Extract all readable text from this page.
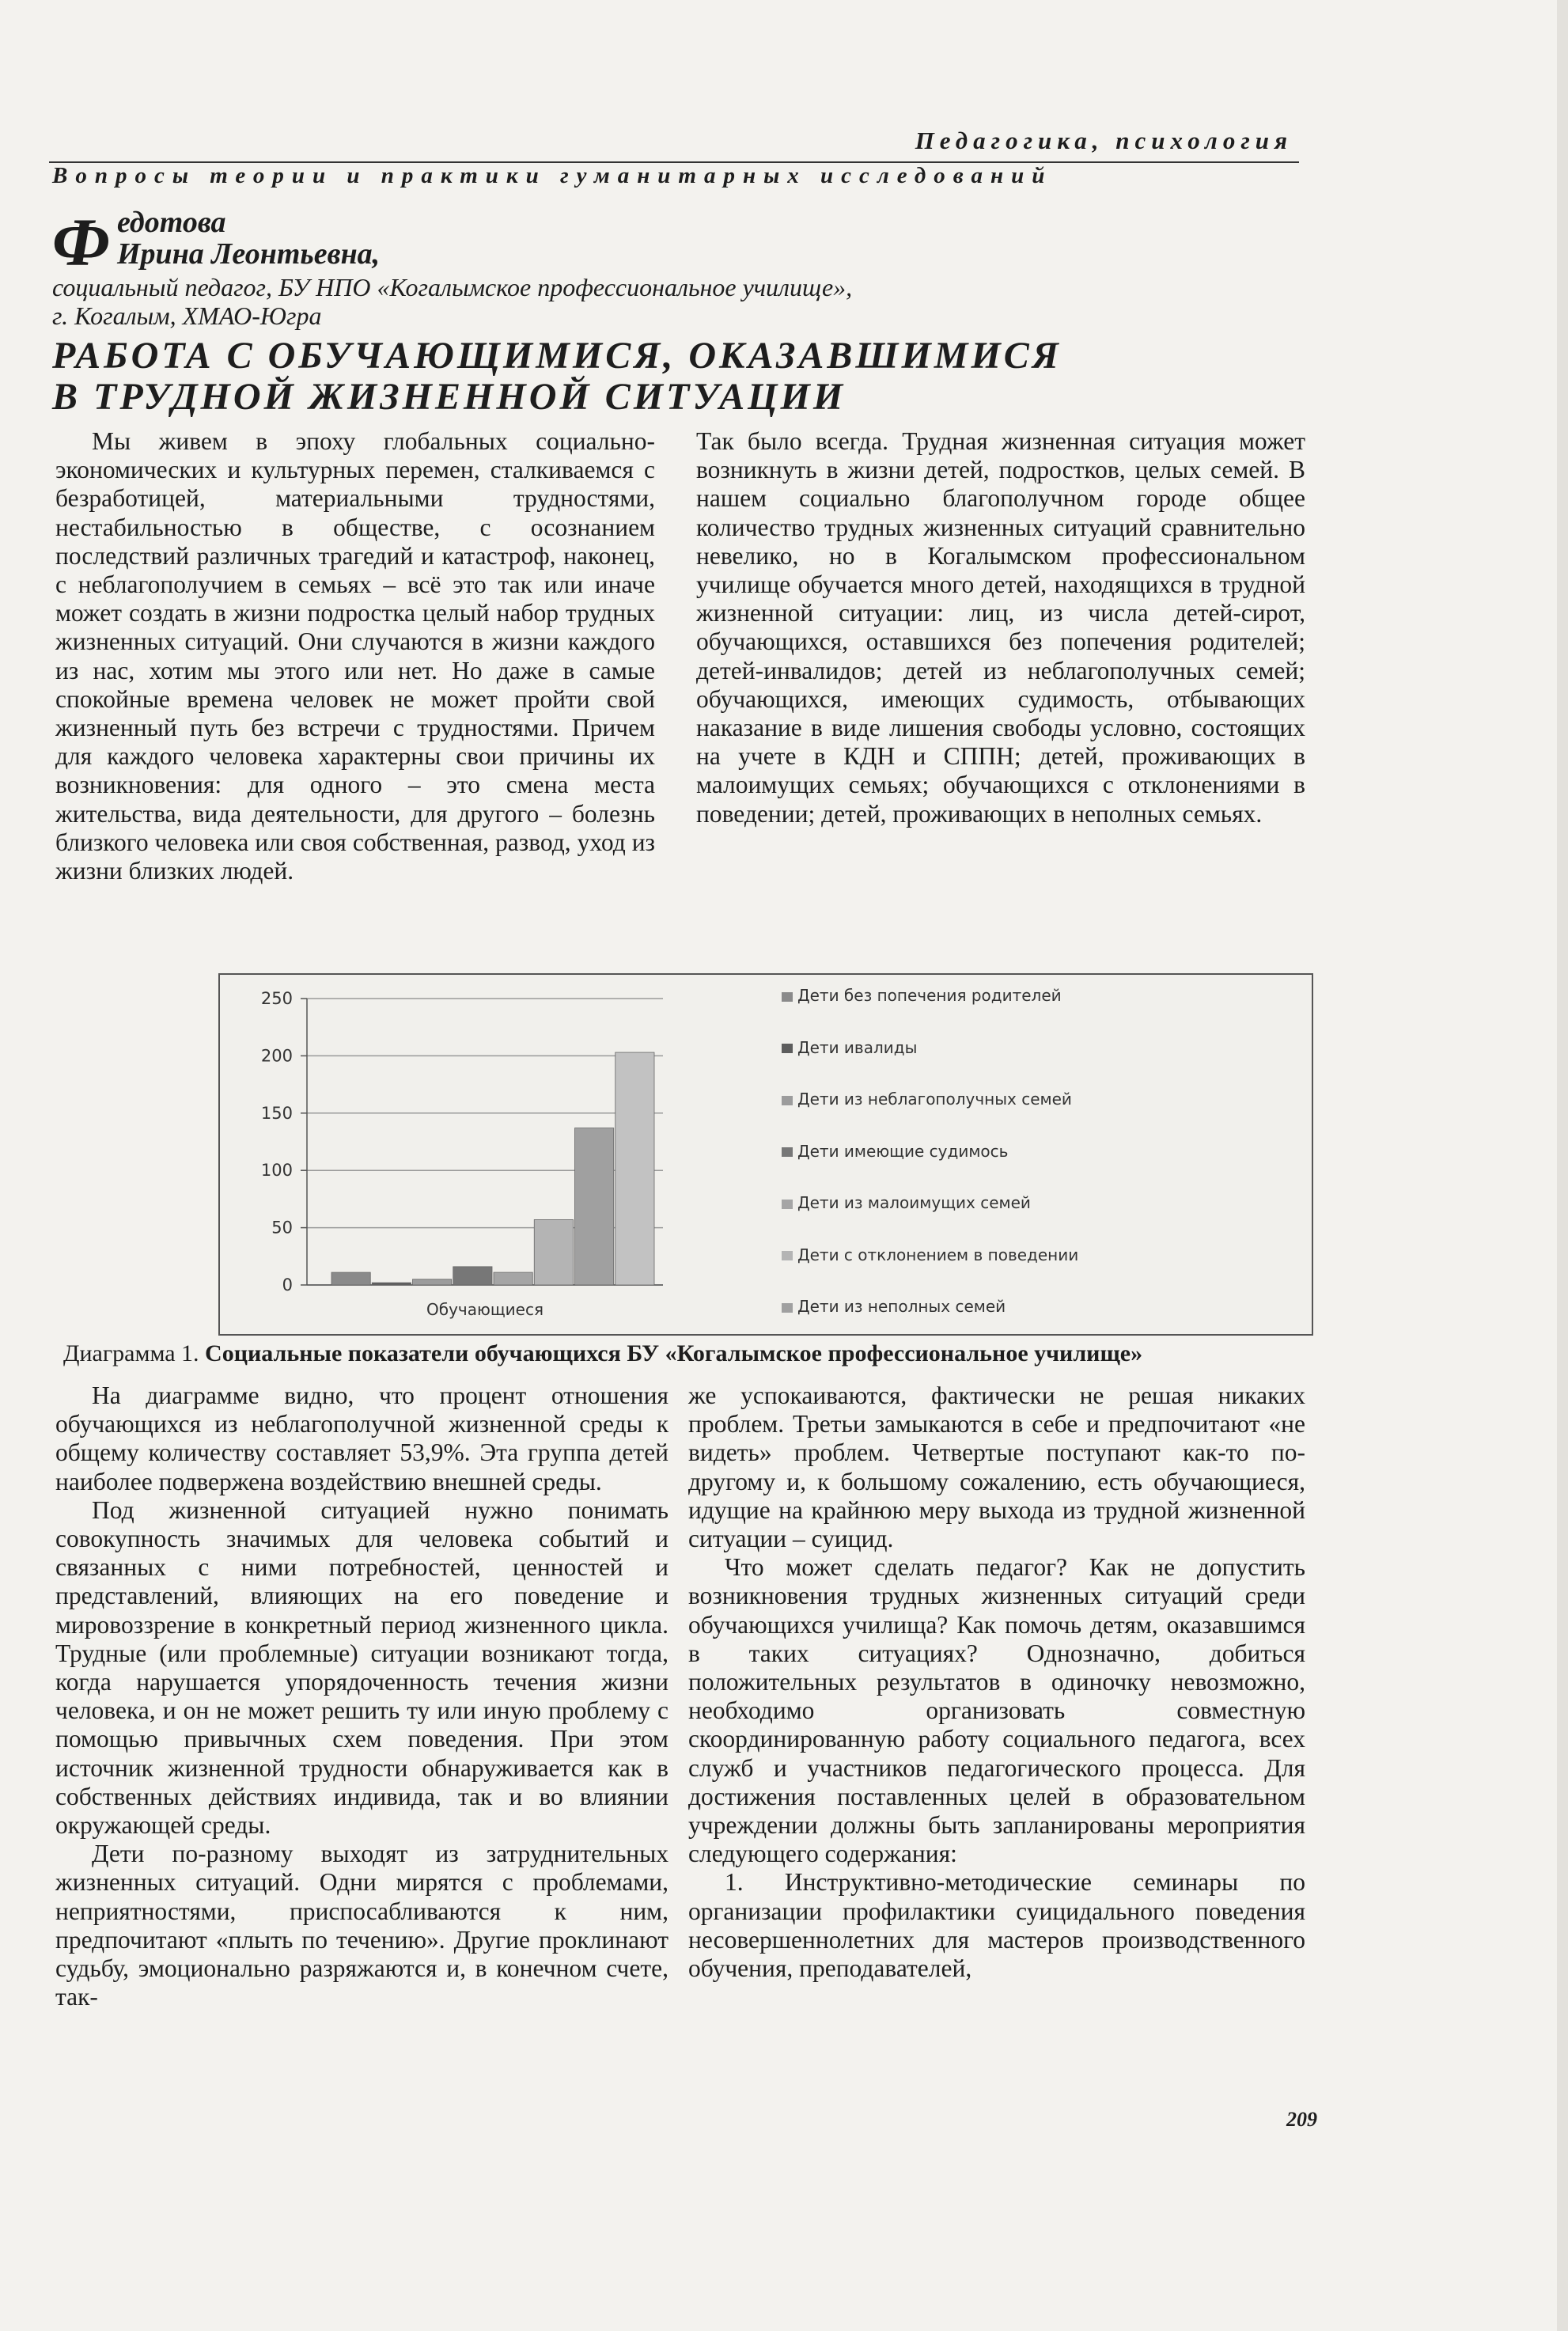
Педагогика, психология
Вопросы теории и практики гуманитарных исследований
Ф едотова
Ирина Леонтьевна,
социальный педагог, БУ НПО «Когалымское профессиональное училище»,
г. Когалым, ХМАО-Югра
РАБОТА С ОБУЧАЮЩИМИСЯ, ОКАЗАВШИМИСЯ
В ТРУДНОЙ ЖИЗНЕННОЙ СИТУАЦИИ

Мы живем в эпоху глобальных социально-экономических и культурных перемен, сталкиваемся с безработицей, материальными трудностями, нестабильностью в обществе, с осознанием последствий различных трагедий и катастроф, наконец, с неблагополучием в семьях – всё это так или иначе может создать в жизни подростка целый набор трудных жизненных ситуаций. Они случаются в жизни каждого из нас, хотим мы этого или нет. Но даже в самые спокойные времена человек не может пройти свой жизненный путь без встречи с трудностями. Причем для каждого человека характерны свои причины их возникновения: для одного – это смена места жительства, вида деятельности, для другого – болезнь близкого человека или своя собственная, развод, уход из жизни близких людей.

Так было всегда. Трудная жизненная ситуация может возникнуть в жизни детей, подростков, целых семей. В нашем социально благополучном городе общее количество трудных жизненных ситуаций сравнительно невелико, но в Когалымском профессиональном училище обучается много детей, находящихся в трудной жизненной ситуации: лиц, из числа детей-сирот, обучающихся, оставшихся без попечения родителей; детей-инвалидов; детей из неблагополучных семей; обучающихся, имеющих судимость, отбывающих наказание в виде лишения свободы условно, состоящих на учете в КДН и СППН; детей, проживающих в малоимущих семьях; обучающихся с отклонениями в поведении; детей, проживающих в неполных семьях.

0
50
100
150
200
250
Обучающиеся
Дети без попечения родителей
Дети ивалиды
Дети из неблагополучных семей
Дети имеющие судимось
Дети из малоимущих семей
Дети с отклонением в поведении
Дети из неполных семей
Диаграмма 1. Социальные показатели обучающихся БУ «Когалымское профессиональное училище»

На диаграмме видно, что процент отношения обучающихся из неблагополучной жизненной среды к общему количеству составляет 53,9%. Эта группа детей наиболее подвержена воздействию внешней среды.

Под жизненной ситуацией нужно понимать совокупность значимых для человека событий и связанных с ними потребностей, ценностей и представлений, влияющих на его поведение и мировоззрение в конкретный период жизненного цикла. Трудные (или проблемные) ситуации возникают тогда, когда нарушается упорядоченность течения жизни человека, и он не может решить ту или иную проблему с помощью привычных схем поведения. При этом источник жизненной трудности обнаруживается как в собственных действиях индивида, так и во влиянии окружающей среды.

Дети по-разному выходят из затруднительных жизненных ситуаций. Одни мирятся с проблемами, неприятностями, приспосабливаются к ним, предпочитают «плыть по течению». Другие проклинают судьбу, эмоционально разряжаются и, в конечном счете, так-

же успокаиваются, фактически не решая никаких проблем. Третьи замыкаются в себе и предпочитают «не видеть» проблем. Четвертые поступают как-то по-другому и, к большому сожалению, есть обучающиеся, идущие на крайнюю меру выхода из трудной жизненной ситуации – суицид.

Что может сделать педагог? Как не допустить возникновения трудных жизненных ситуаций среди обучающихся училища? Как помочь детям, оказавшимся в таких ситуациях? Однозначно, добиться положительных результатов в одиночку невозможно, необходимо организовать совместную скоординированную работу социального педагога, всех служб и участников педагогического процесса. Для достижения поставленных целей в образовательном учреждении должны быть запланированы мероприятия следующего содержания:

1. Инструктивно-методические семинары по организации профилактики суицидального поведения несовершеннолетних для мастеров производственного обучения, преподавателей,

209
